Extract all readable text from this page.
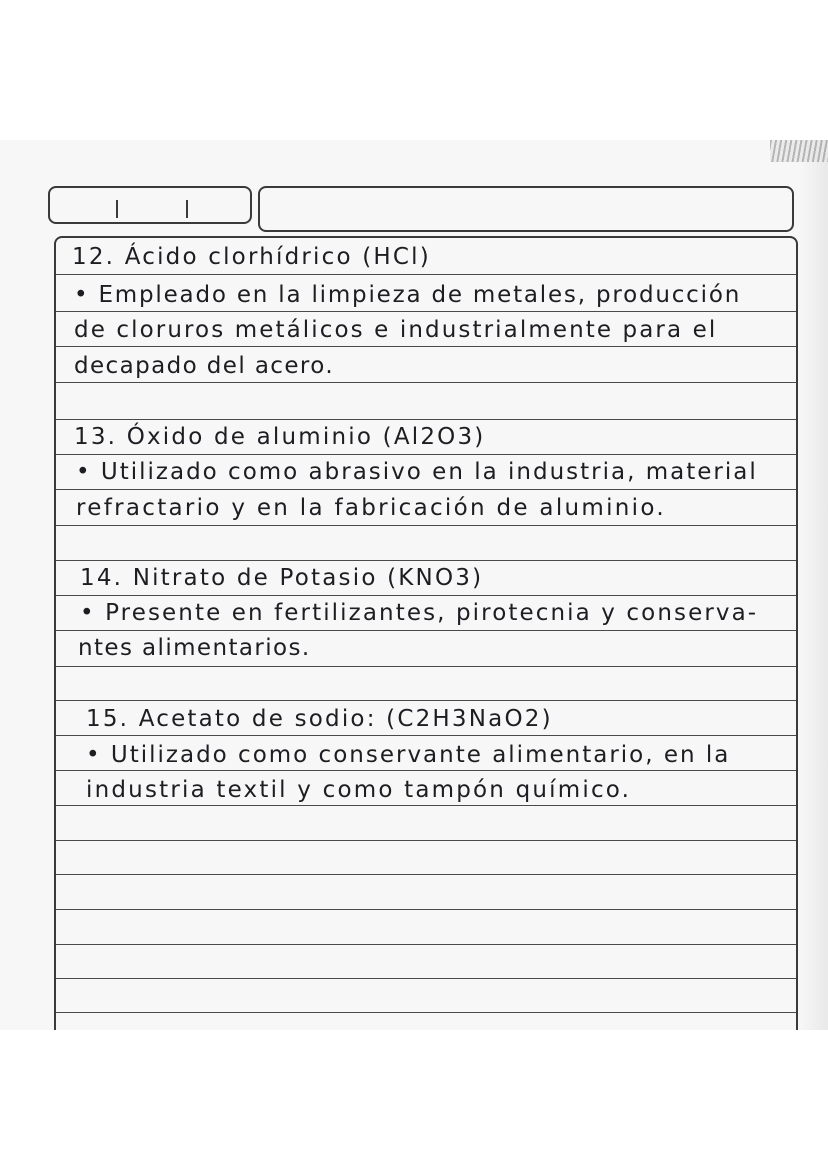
12. Ácido clorhídrico (HCl)
• Empleado en la limpieza de metales, producción
de cloruros metálicos e industrialmente para el
decapado del acero.
13. Óxido de aluminio (Al2O3)
• Utilizado como abrasivo en la industria, material
refractario y en la fabricación de aluminio.
14. Nitrato de Potasio (KNO3)
• Presente en fertilizantes, pirotecnia y conserva-
ntes alimentarios.
15. Acetato de sodio: (C2H3NaO2)
• Utilizado como conservante alimentario, en la
industria textil y como tampón químico.
